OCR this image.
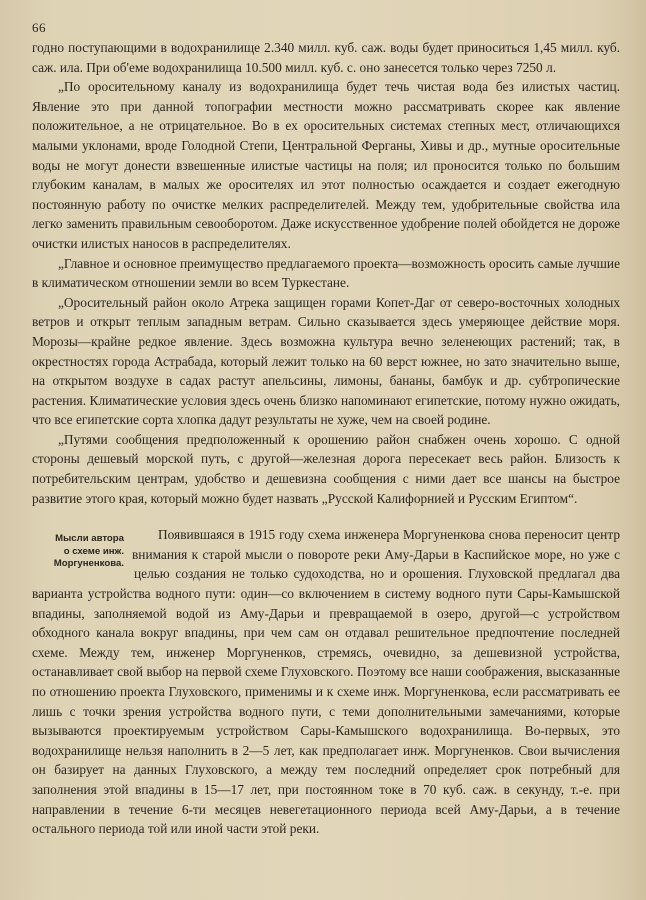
66

годно поступающими в водохранилище 2.340 милл. куб. саж. воды будет приноситься 1,45 милл. куб. саж. ила. При об'еме водохранилища 10.500 милл. куб. с. оно занесется только через 7250 л.

„По оросительному каналу из водохранилища будет течь чистая вода без илистых частиц. Явление это при данной топографии местности можно рассматривать скорее как явление положительное, а не отрицательное. Во в ех оросительных системах степных мест, отличающихся малыми уклонами, вроде Голодной Степи, Центральной Ферганы, Хивы и др., мутные оросительные воды не могут донести взвешенные илистые частицы на поля; ил проносится только по большим глубоким каналам, в малых же оросителях ил этот полностью осаждается и создает ежегодную постоянную работу по очистке мелких распределителей. Между тем, удобрительные свойства ила легко заменить правильным севооборотом. Даже искусственное удобрение полей обойдется не дороже очистки илистых наносов в распределителях.

„Главное и основное преимущество предлагаемого проекта—возможность оросить самые лучшие в климатическом отношении земли во всем Туркестане.

„Оросительный район около Атрека защищен горами Копет-Даг от северо-восточных холодных ветров и открыт теплым западным ветрам. Сильно сказывается здесь умеряющее действие моря. Морозы—крайне редкое явление. Здесь возможна культура вечно зеленеющих растений; так, в окрестностях города Астрабада, который лежит только на 60 верст южнее, но зато значительно выше, на открытом воздухе в садах растут апельсины, лимоны, бананы, бамбук и др. субтропические растения. Климатические условия здесь очень близко напоминают египетские, потому нужно ожидать, что все египетские сорта хлопка дадут результаты не хуже, чем на своей родине.

„Путями сообщения предположенный к орошению район снабжен очень хорошо. С одной стороны дешевый морской путь, с другой—железная дорога пересекает весь район. Близость к потребительским центрам, удобство и дешевизна сообщения с ними дает все шансы на быстрое развитие этого края, который можно будет назвать „Русской Калифорнией и Русским Египтом“.

Мысли автора
о схеме инж.
Моргуненкова.

Появившаяся в 1915 году схема инженера Моргуненкова снова переносит центр внимания к старой мысли о повороте реки Аму-Дарьи в Каспийское море, но уже с целью создания не только судоходства, но и орошения. Глуховской предлагал два варианта устройства водного пути: один—со включением в систему водного пути Сары-Камышской впадины, заполняемой водой из Аму-Дарьи и превращаемой в озеро, другой—с устройством обходного канала вокруг впадины, при чем сам он отдавал решительное предпочтение последней схеме. Между тем, инженер Моргуненков, стремясь, очевидно, за дешевизной устройства, останавливает свой выбор на первой схеме Глуховского. Поэтому все наши соображения, высказанные по отношению проекта Глуховского, применимы и к схеме инж. Моргуненкова, если рассматривать ее лишь с точки зрения устройства водного пути, с теми дополнительными замечаниями, которые вызываются проектируемым устройством Сары-Камышского водохранилища. Во-первых, это водохранилище нельзя наполнить в 2—5 лет, как предполагает инж. Моргуненков. Свои вычисления он базирует на данных Глуховского, а между тем последний определяет срок потребный для заполнения этой впадины в 15—17 лет, при постоянном токе в 70 куб. саж. в секунду, т.-е. при направлении в течение 6-ти месяцев невегетационного периода всей Аму-Дарьи, а в течение остального периода той или иной части этой реки.
